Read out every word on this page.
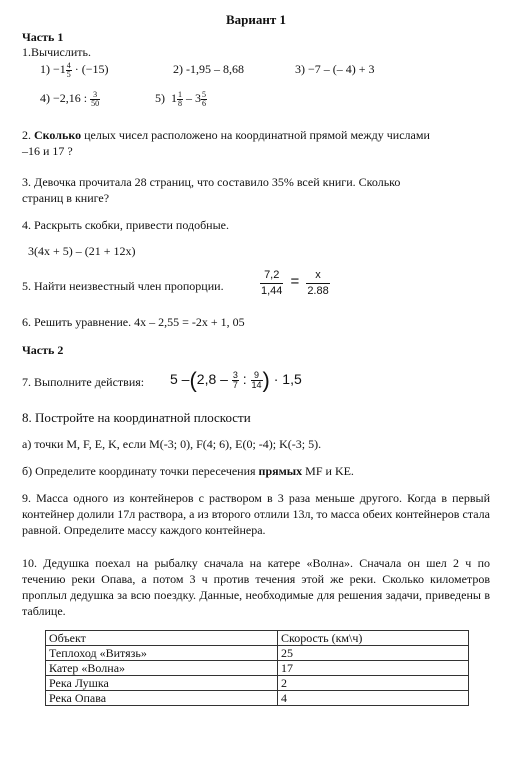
Вариант 1
Часть 1
1.Вычислить.
$1) -1 \frac{4}{5} \cdot (-15)$	2) -1,95 – 8,68	3) −7 – (– 4) + 3
4) −2,16 : $\frac{3}{50}$	5) $1 \frac{1}{8} - 3 \frac{5}{6}$
2. Сколько целых чисел расположено на координатной прямой между числами
–16 и 17 ?
3. Девочка прочитала 28 страниц, что составило 35% всей книги. Сколько
страниц в книге?
4. Раскрыть скобки, привести подобные.
3(4x + 5) – (21 + 12x)
5. Найти неизвестный член пропорции.	$\frac{7,2}{1,44} = \frac{x}{2.88}$
6. Решить уравнение. 4x – 2,55 = -2x + 1, 05
Часть 2
7. Выполните действия: 5 $-(2,8 - \frac{3}{7}$ : $\frac{9}{14}$ ) · 1,5
8. Постройте на координатной плоскости
а) точки M, F, E, K, если M(-3; 0), F(4; 6), E(0; -4); K(-3; 5).
б) Определите координату точки пересечения прямых MF и KE.
9. Масса одного из контейнеров с раствором в 3 раза меньше другого. Когда в первый контейнер долили 17л раствора, а из второго отлили 13л, то масса обеих контейнеров стала равной. Определите массу каждого контейнера.
10. Дедушка поехал на рыбалку сначала на катере «Волна». Сначала он шел 2 ч по течению реки Опава, а потом 3 ч против течения этой же реки. Сколько километров проплыл дедушка за всю поездку. Данные, необходимые для решения задачи, приведены в таблице.
Объект	Скорость (км\ч)
Теплоход «Витязь»	25
Катер «Волна»	17
Река Лушка	2
Река Опава	4
